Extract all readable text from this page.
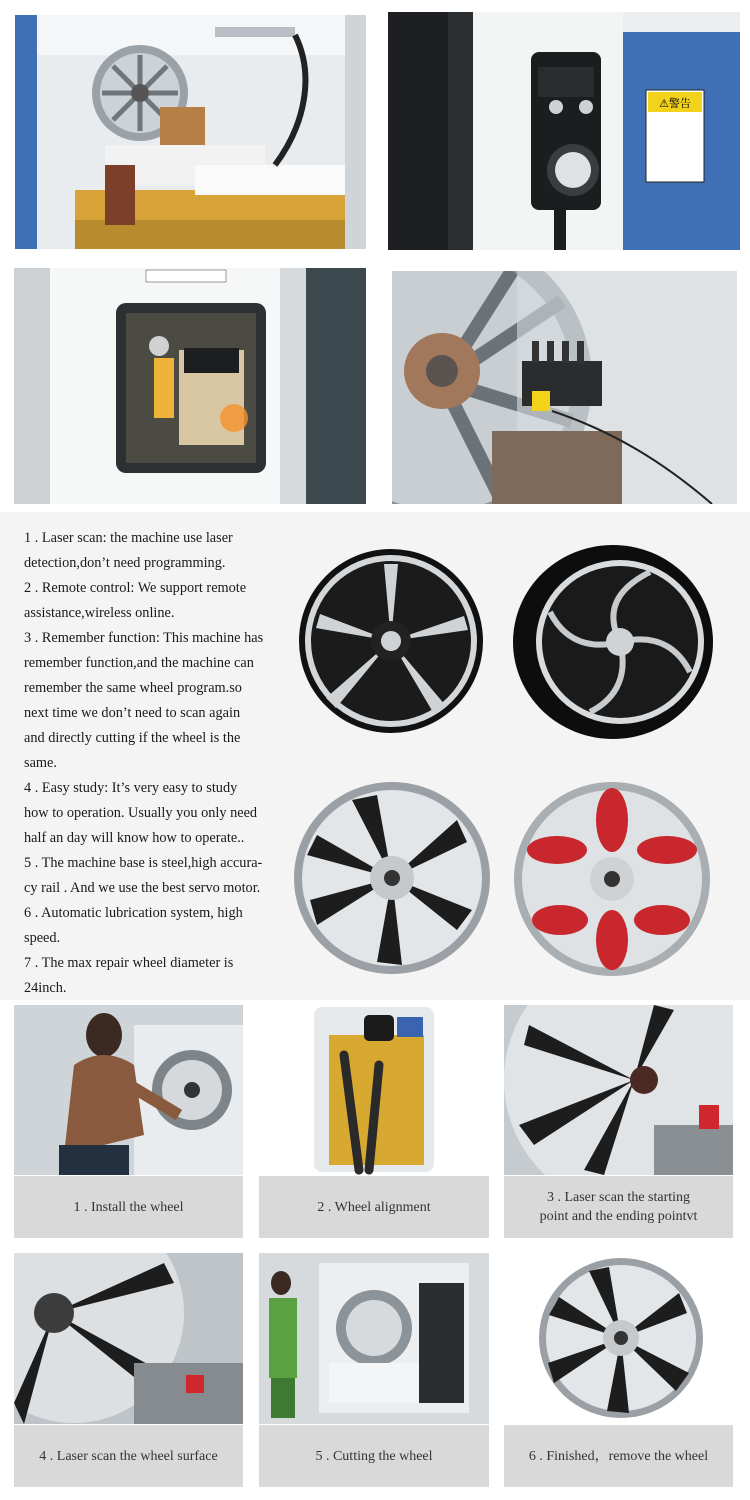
⚠警告
1 . Laser scan: the machine use laser
detection,don’t need programming.
2 . Remote control: We support remote
assistance,wireless online.
3 . Remember function: This machine has
remember function,and the machine can
remember the same wheel program.so
next time we don’t need to scan again
and directly cutting if the wheel is the
same.
4 . Easy study: It’s very easy to study
how to operation. Usually you only need
half an day will know how to operate..
5 . The machine base is steel,high accura-
cy rail . And we use the best servo motor.
6 . Automatic lubrication system, high
speed.
7 . The max repair wheel diameter is
24inch.
1 . Install the wheel	2 . Wheel alignment
3 . Laser scan the starting
point and the ending pointvt
4 . Laser scan the wheel surface	5 . Cutting the wheel	6 . Finished，remove the wheel
